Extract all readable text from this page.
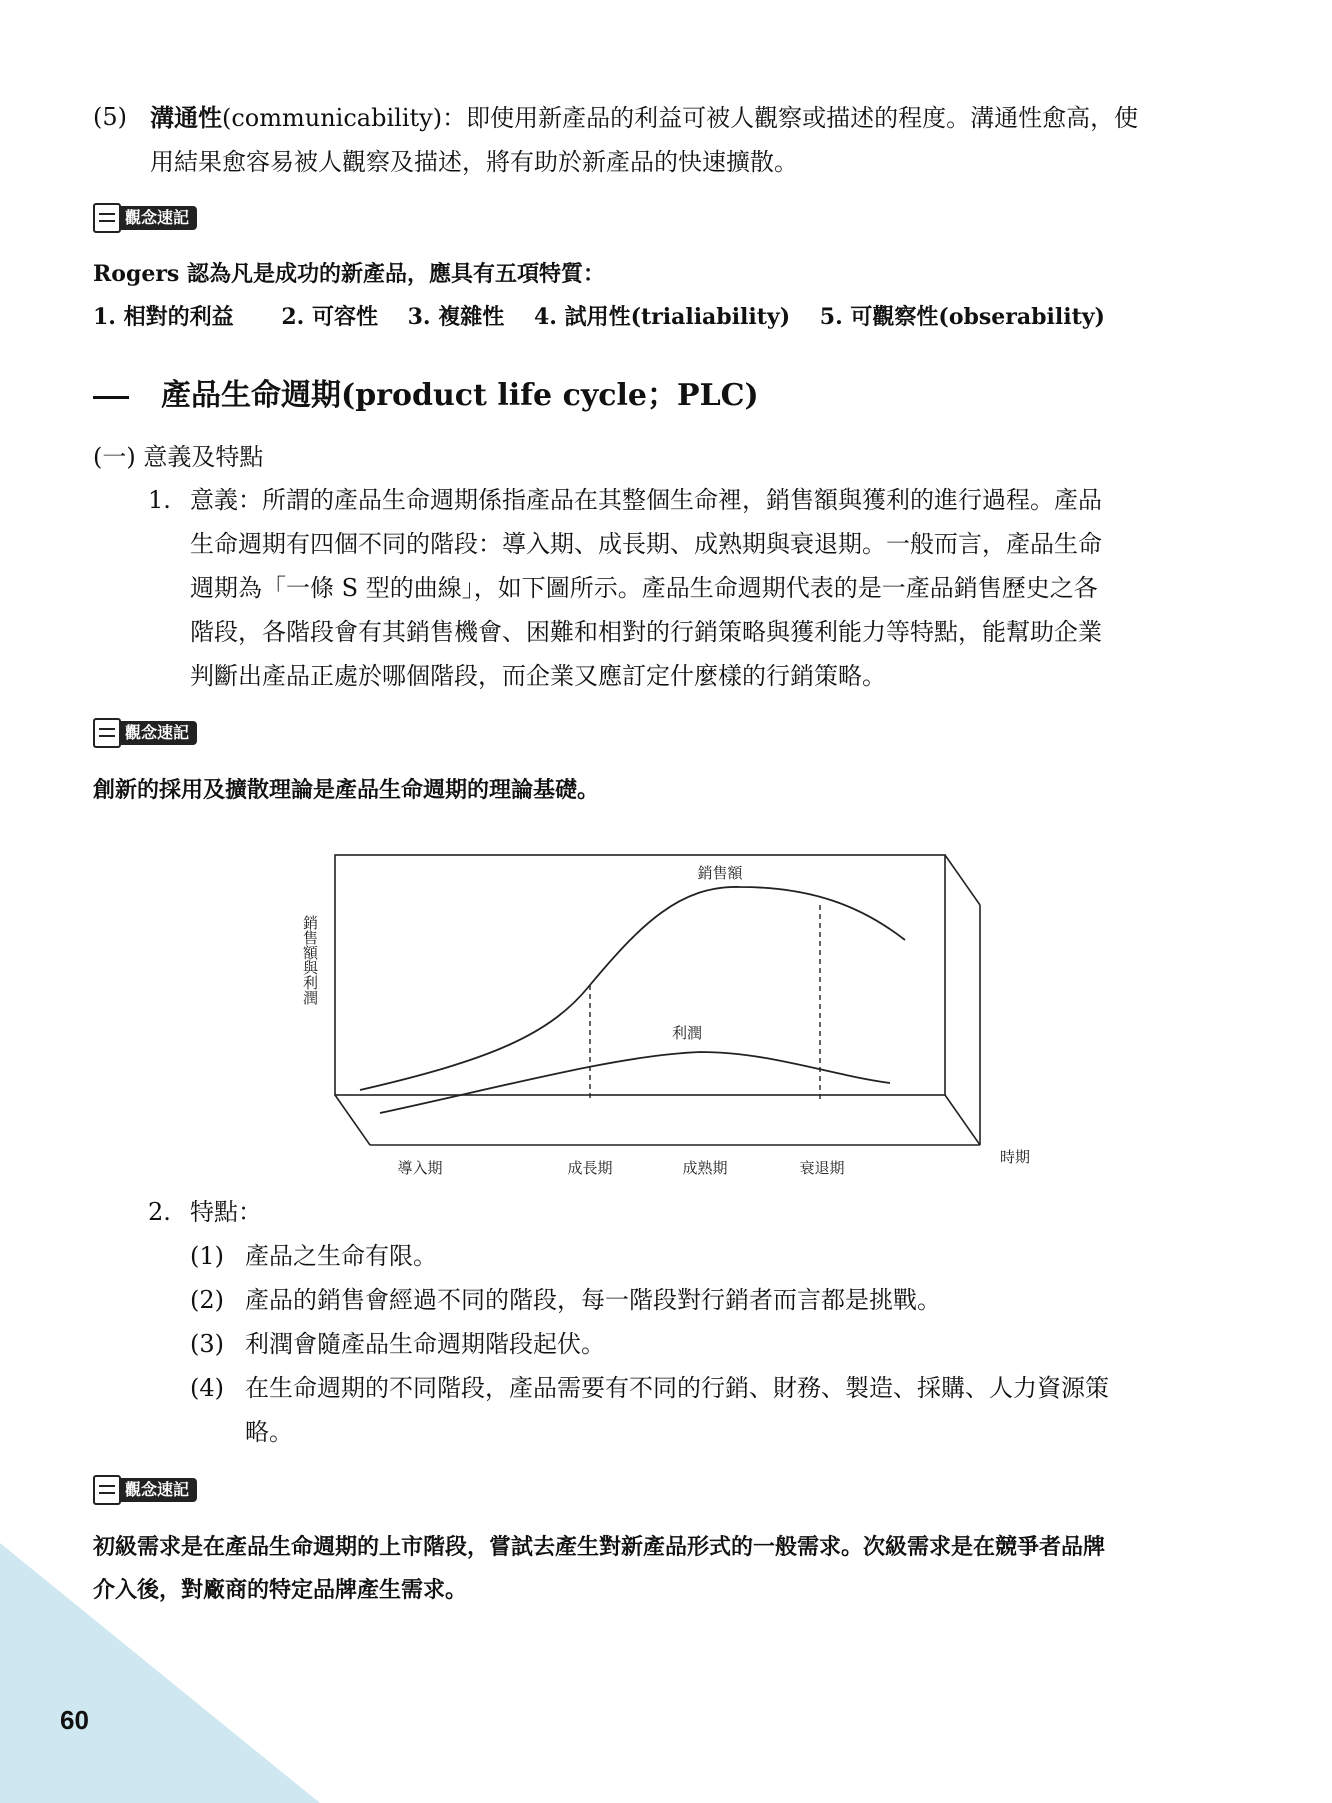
(5) 溝通性(communicability)：即使用新產品的利益可被人觀察或描述的程度。溝通性愈高，使
用結果愈容易被人觀察及描述，將有助於新產品的快速擴散。
觀念速記
Rogers 認為凡是成功的新產品，應具有五項特質：
1. 相對的利益 2. 可容性 3. 複雜性 4. 試用性(trialiability) 5. 可觀察性(obserability)
產品生命週期(product life cycle；PLC)
(一) 意義及特點
1. 意義：所謂的產品生命週期係指產品在其整個生命裡，銷售額與獲利的進行過程。產品
生命週期有四個不同的階段：導入期、成長期、成熟期與衰退期。一般而言，產品生命
週期為「一條 S 型的曲線」，如下圖所示。產品生命週期代表的是一產品銷售歷史之各
階段，各階段會有其銷售機會、困難和相對的行銷策略與獲利能力等特點，能幫助企業
判斷出產品正處於哪個階段，而企業又應訂定什麼樣的行銷策略。
觀念速記
創新的採用及擴散理論是產品生命週期的理論基礎。
銷售額
利潤
導入期	成長期	成熟期	衰退期
時期
銷售額與利潤
2. 特點：
(1) 產品之生命有限。
(2) 產品的銷售會經過不同的階段，每一階段對行銷者而言都是挑戰。
(3) 利潤會隨產品生命週期階段起伏。
(4) 在生命週期的不同階段，產品需要有不同的行銷、財務、製造、採購、人力資源策
略。
觀念速記
初級需求是在產品生命週期的上市階段，嘗試去產生對新產品形式的一般需求。次級需求是在競爭者品牌
介入後，對廠商的特定品牌產生需求。
60
